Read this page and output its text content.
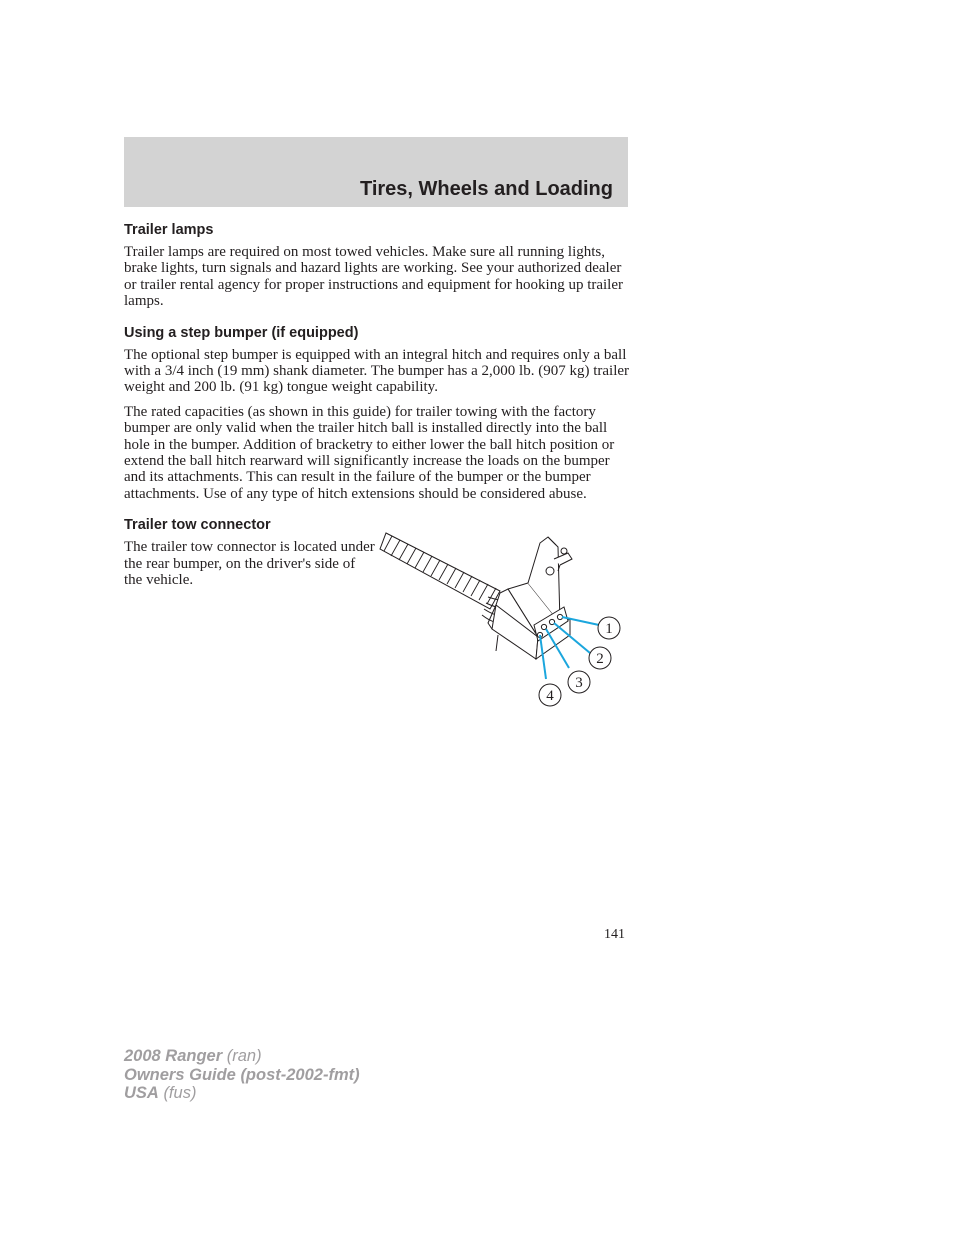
Tires, Wheels and Loading
Trailer lamps

Trailer lamps are required on most towed vehicles. Make sure all running lights, brake lights, turn signals and hazard lights are working. See your authorized dealer or trailer rental agency for proper instructions and equipment for hooking up trailer lamps.

Using a step bumper (if equipped)

The optional step bumper is equipped with an integral hitch and requires only a ball with a 3/4 inch (19 mm) shank diameter. The bumper has a 2,000 lb. (907 kg) trailer weight and 200 lb. (91 kg) tongue weight capability.

The rated capacities (as shown in this guide) for trailer towing with the factory bumper are only valid when the trailer hitch ball is installed directly into the ball hole in the bumper. Addition of bracketry to either lower the ball hitch position or extend the ball hitch rearward will significantly increase the loads on the bumper and its attachments. This can result in the failure of the bumper or the bumper attachments. Use of any type of hitch extensions should be considered abuse.

Trailer tow connector

The trailer tow connector is located under the rear bumper, on the driver's side of the vehicle.

1
2
3
4

141

2008 Ranger (ran)
Owners Guide (post-2002-fmt)
USA (fus)
